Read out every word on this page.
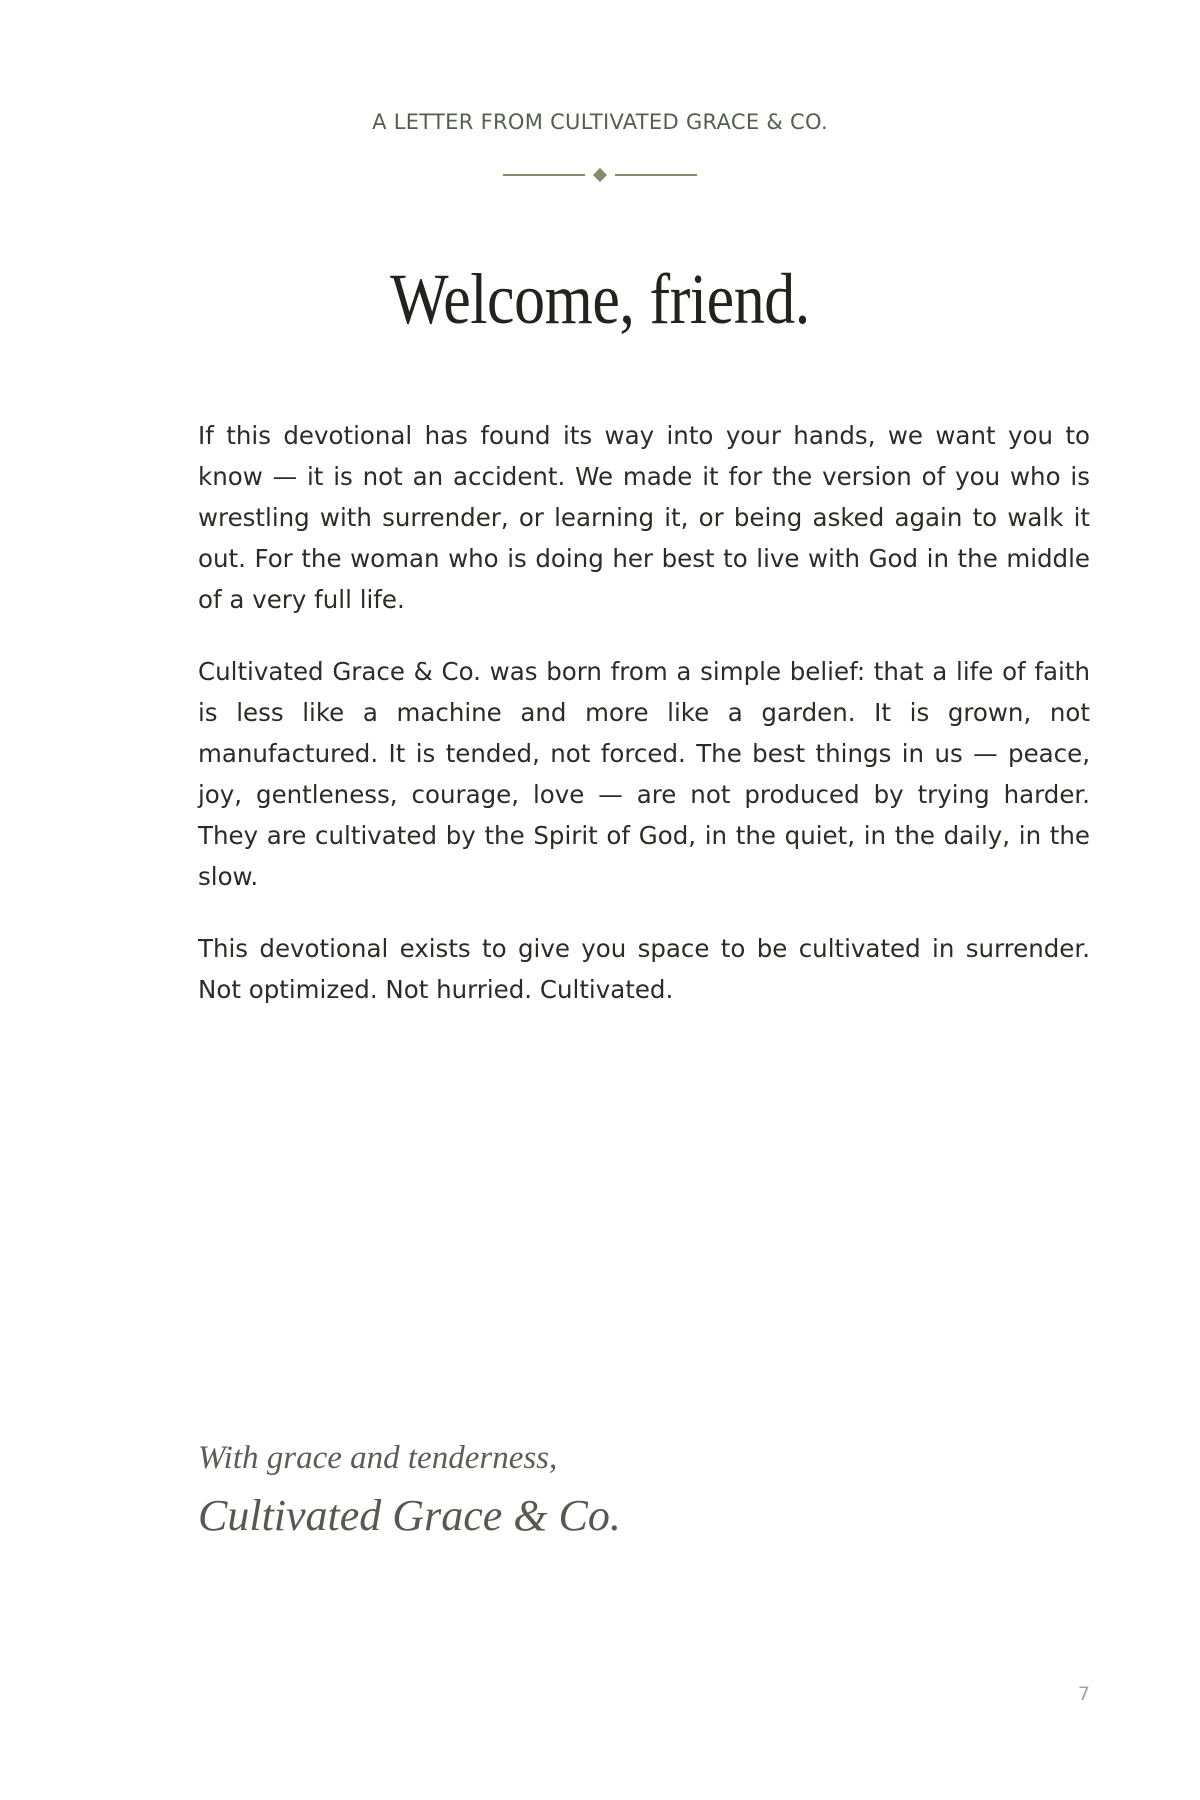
A LETTER FROM CULTIVATED GRACE & CO.
Welcome, friend.

If this devotional has found its way into your hands, we want you to know — it is not an accident. We made it for the version of you who is wrestling with surrender, or learning it, or being asked again to walk it out. For the woman who is doing her best to live with God in the middle of a very full life.

Cultivated Grace & Co. was born from a simple belief: that a life of faith is less like a machine and more like a garden. It is grown, not manufactured. It is tended, not forced. The best things in us — peace, joy, gentleness, courage, love — are not produced by trying harder. They are cultivated by the Spirit of God, in the quiet, in the daily, in the slow.

This devotional exists to give you space to be cultivated in surrender. Not optimized. Not hurried. Cultivated.

With grace and tenderness,
Cultivated Grace & Co.
7
